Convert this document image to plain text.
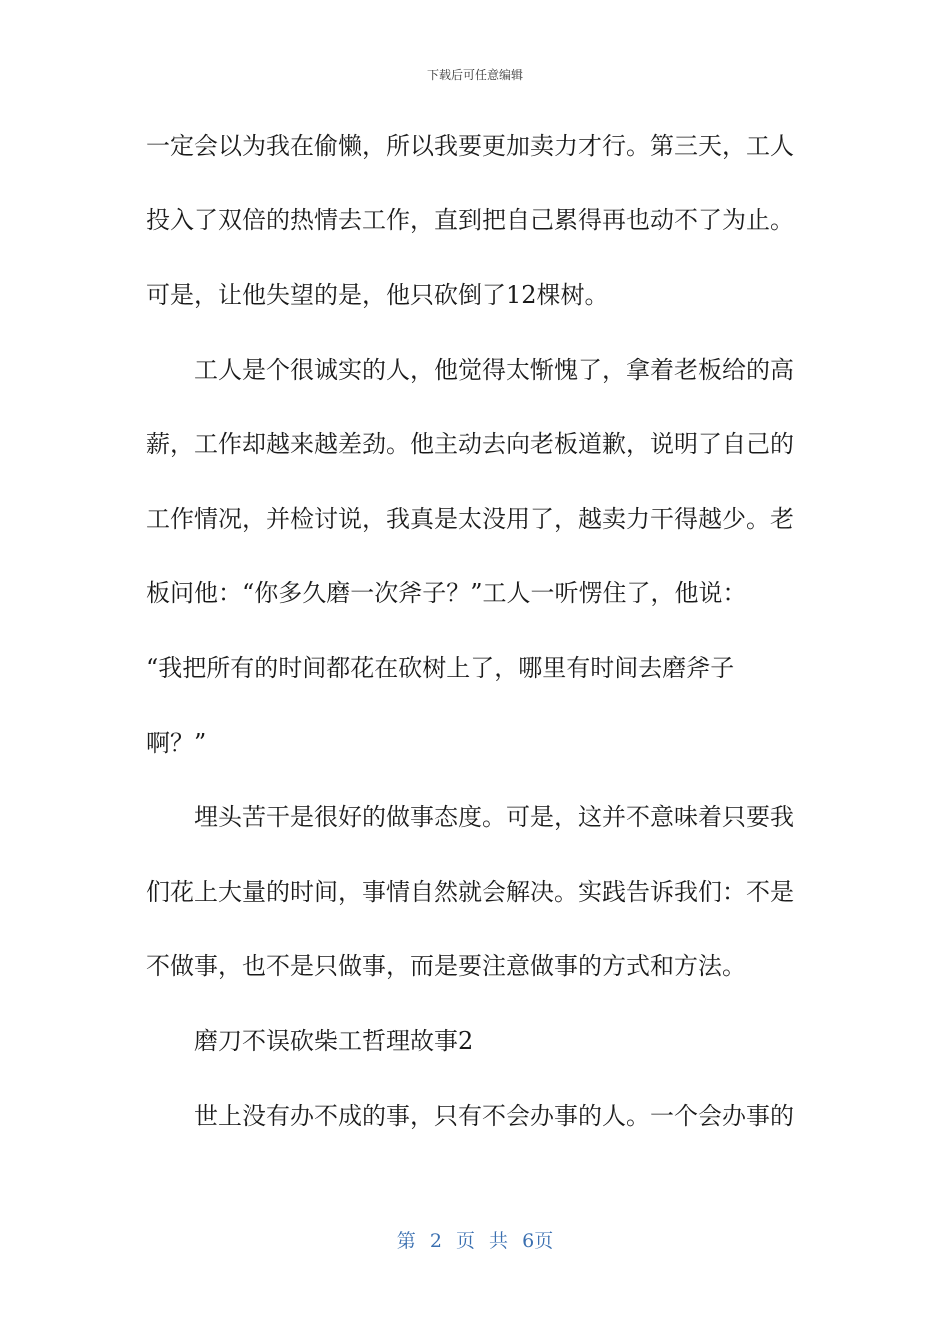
下载后可任意编辑
一定会以为我在偷懒，所以我要更加卖力才行。第三天，工人
投入了双倍的热情去工作，直到把自己累得再也动不了为止。
可是，让他失望的是，他只砍倒了12棵树。
工人是个很诚实的人，他觉得太惭愧了，拿着老板给的高
薪，工作却越来越差劲。他主动去向老板道歉，说明了自己的
工作情况，并检讨说，我真是太没用了，越卖力干得越少。老
板问他：“你多久磨一次斧子？”工人一听愣住了，他说：
“我把所有的时间都花在砍树上了，哪里有时间去磨斧子
啊？”
埋头苦干是很好的做事态度。可是，这并不意味着只要我
们花上大量的时间，事情自然就会解决。实践告诉我们：不是
不做事，也不是只做事，而是要注意做事的方式和方法。
磨刀不误砍柴工哲理故事2
世上没有办不成的事，只有不会办事的人。一个会办事的
第 2 页 共 6页
